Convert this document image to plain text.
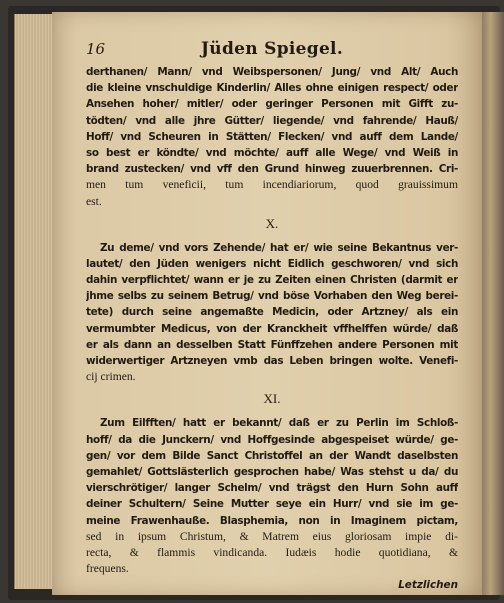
16	Jüden Spiegel.
derthanen/ Mann/ vnd Weibspersonen/ Jung/ vnd Alt/ Auch
die kleine vnschuldige Kinderlin/ Alles ohne einigen respect/ oder
Ansehen hoher/ mitler/ oder geringer Personen mit Gifft zu-
tödten/ vnd alle jhre Gütter/ liegende/ vnd fahrende/ Hauß/
Hoff/ vnd Scheuren in Stätten/ Flecken/ vnd auff dem Lande/
so best er köndte/ vnd möchte/ auff alle Wege/ vnd Weiß in
brand zustecken/ vnd vff den Grund hinweg zuuerbrennen. Cri-
men tum veneficii, tum incendiariorum, quod grauissimum
est.
X.
Zu deme/ vnd vors Zehende/ hat er/ wie seine Bekantnus ver-
lautet/ den Jüden wenigers nicht Eidlich geschworen/ vnd sich
dahin verpflichtet/ wann er je zu Zeiten einen Christen (darmit er
jhme selbs zu seinem Betrug/ vnd böse Vorhaben den Weg berei-
tete) durch seine angemaßte Medicin, oder Artzney/ als ein
vermumbter Medicus, von der Kranckheit vffhelffen würde/ daß
er als dann an desselben Statt Fünffzehen andere Personen mit
widerwertiger Artzneyen vmb das Leben bringen wolte. Venefi-
cij crimen.
XI.
Zum Eilfften/ hatt er bekannt/ daß er zu Perlin im Schloß-
hoff/ da die Junckern/ vnd Hoffgesinde abgespeiset würde/ ge-
gen/ vor dem Bilde Sanct Christoffel an der Wandt daselbsten
gemahlet/ Gottslästerlich gesprochen habe/ Was stehst u da/ du
vierschrötiger/ langer Schelm/ vnd trägst den Hurn Sohn auff
deiner Schultern/ Seine Mutter seye ein Hurr/ vnd sie im ge-
meine Frawenhauße. Blasphemia, non in Imaginem pictam,
sed in ipsum Christum, & Matrem eius gloriosam impie di-
recta, & flammis vindicanda. Iudæis hodie quotidiana, &
frequens.
Letzlichen
